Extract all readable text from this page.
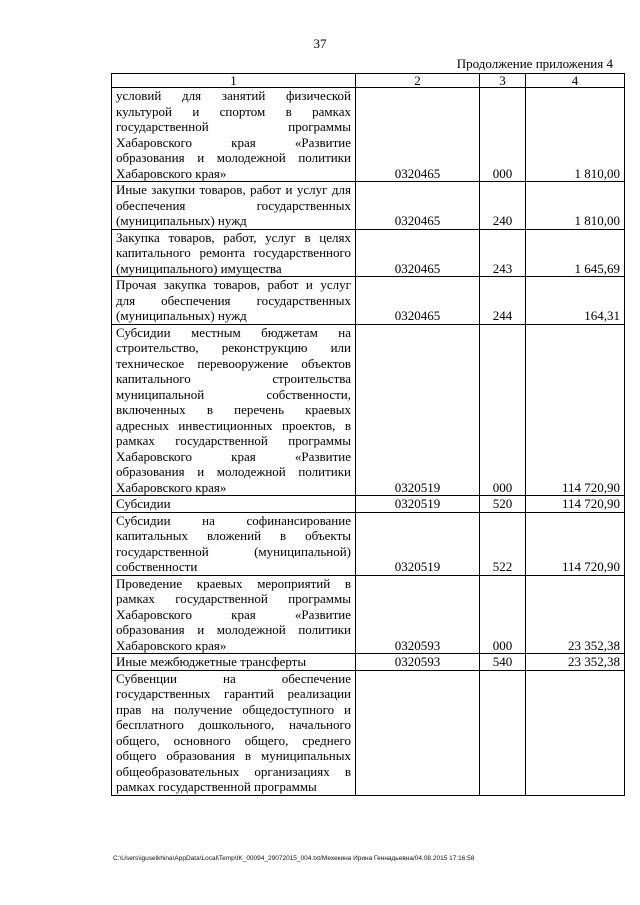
37
Продолжение приложения 4
1	2	3	4
условий для занятий физической культурой и спортом в рамках государственной программы Хабаровского края «Развитие образования и молодежной политики Хабаровского края»	0320465	000	1 810,00
Иные закупки товаров, работ и услуг для обеспечения государственных (муниципальных) нужд	0320465	240	1 810,00
Закупка товаров, работ, услуг в целях капитального ремонта государственного (муниципального) имущества	0320465	243	1 645,69
Прочая закупка товаров, работ и услуг для обеспечения государственных (муниципальных) нужд	0320465	244	164,31
Субсидии местным бюджетам на строительство, реконструкцию или техническое перевооружение объектов капитального строительства муниципальной собственности, включенных в перечень краевых адресных инвестиционных проектов, в рамках государственной программы Хабаровского края «Развитие образования и молодежной политики Хабаровского края»	0320519	000	114 720,90
Субсидии	0320519	520	114 720,90
Субсидии на софинансирование капитальных вложений в объекты государственной (муниципальной) собственности	0320519	522	114 720,90
Проведение краевых мероприятий в рамках государственной программы Хабаровского края «Развитие образования и молодежной политики Хабаровского края»	0320593	000	23 352,38
Иные межбюджетные трансферты	0320593	540	23 352,38
Субвенции на обеспечение государственных гарантий реализации прав на получение общедоступного и бесплатного дошкольного, начального общего, основного общего, среднего общего образования в муниципальных общеобразовательных организациях в рамках государственной программы			
C:\Users\iguselkhina\AppData\Local\Temp\IK_00094_29072015_004.txt/Мехекина Ирина Геннадьевна/04.08.2015 17:16:58
